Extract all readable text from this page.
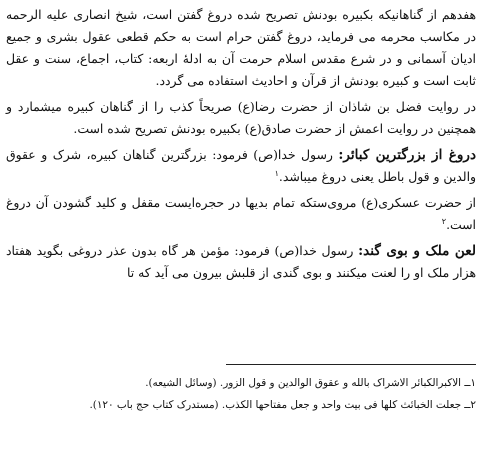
هفدهم از گناهانیکه بکبیره بودنش تصریح شده دروغ گفتن است، شیخ انصاری علیه الرحمه در مکاسب محرمه می فرماید، دروغ گفتن حرام است به حکم قطعی عقول بشری و جمیع ادیان آسمانی و در شرع مقدس اسلام حرمت آن به ادلهٔ اربعه: کتاب، اجماع، سنت و عقل ثابت است و کبیره بودنش از قرآن و احادیث استفاده می گردد.

در روایت فضل بن شاذان از حضرت رضا(ع) صریحاً کذب را از گناهان کبیره میشمارد و همچنین در روایت اعمش از حضرت صادق(ع) بکبیره بودنش تصریح شده است.

دروغ از بزرگترین کبائر: رسول خدا(ص) فرمود: بزرگترین گناهان کبیره، شرک و عقوق والدین و قول باطل یعنی دروغ میباشد.$^۱$

از حضرت عسکری(ع) مروی‌ستکه تمام بدیها در حجره‌ایست مقفل و کلید گشودن آن دروغ است.$^۲$

لعن ملک و بوی گند: رسول خدا(ص) فرمود: مؤمن هر گاه بدون عذر دروغی بگوید هفتاد هزار ملک او را لعنت میکنند و بوی گندی از قلبش بیرون می آید که تا

۱ــ الاکبرالکبائر الاشراک بالله و عقوق الوالدین و قول الزور. (وسائل الشیعه).

۲ــ جعلت الخبائث کلها فی بیت واحد و جعل مفتاحها الکذب. (مستدرک کتاب حج باب ۱۲۰).
